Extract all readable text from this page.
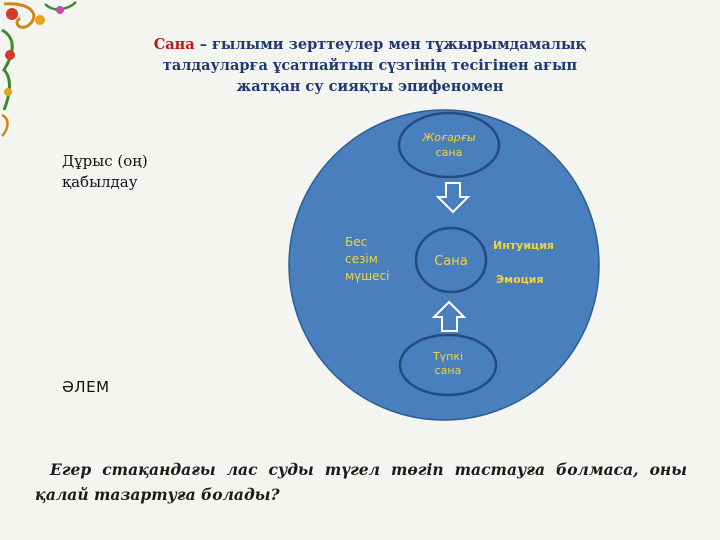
Сана – ғылыми зерттеулер мен тұжырымдамалық талдауларға ұсатпайтын сүзгінің тесігінен ағып жатқан су сияқты эпифеномен
Дұрыс (оң)
қабылдау
ӘЛЕМ
Жоғарғы
сана
Сана
Түпкі
сана
Бес
сезім
мүшесі
Интуиция
Эмоция
Егер стақандағы лас суды түгел төгіп тастауға болмаса, оны қалай тазартуға болады?
